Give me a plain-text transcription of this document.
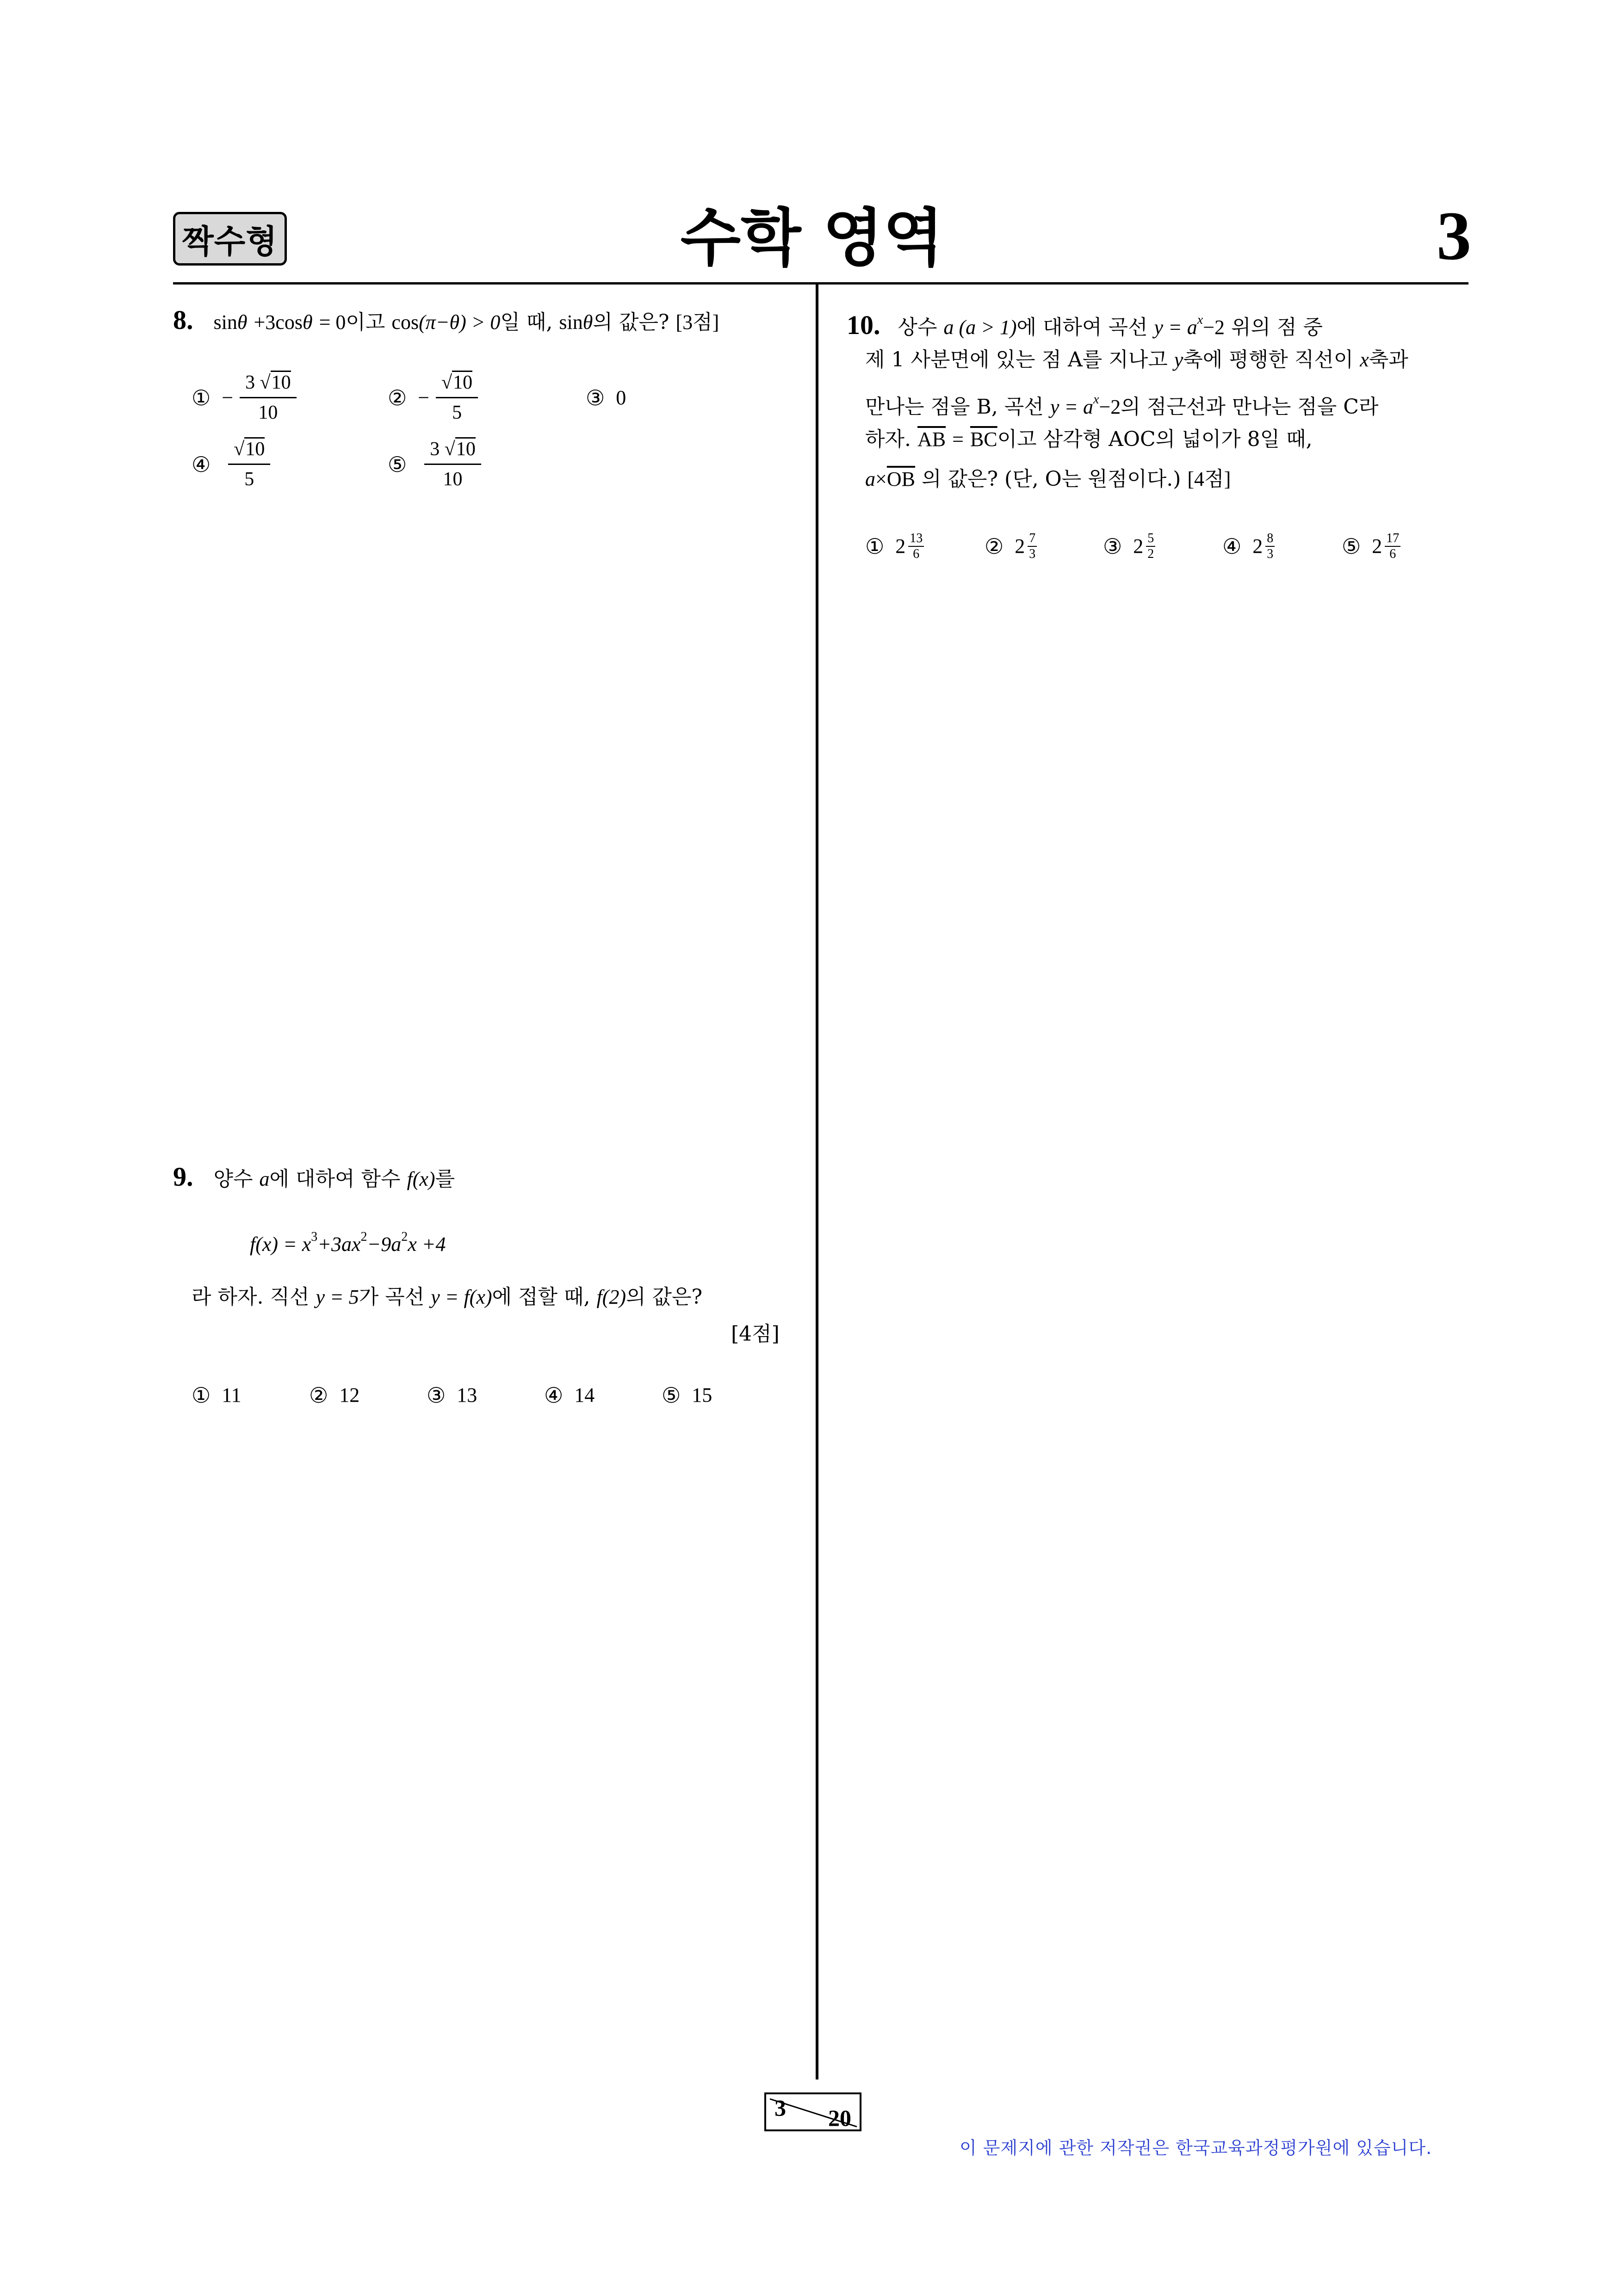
짝수형	수학 영역	3
8. sinθ +3cosθ = 0이고 cos(π−θ) > 0일 때, sinθ의 값은? [3점]
① − $\frac{3 √10}{10}$	② − $\frac{√10}{5}$	③ 0
④ $\frac{√10}{5}$	⑤ $\frac{3 √10}{10}$
9. 양수 a에 대하여 함수 f(x)를
$f(x) = x^3+3ax^2-9a^2x +4$
라 하자. 직선 y = 5가 곡선 y = f(x)에 접할 때, f(2)의 값은?
[4점]
① 11	② 12	③ 13	④ 14	⑤ 15
10. 상수 a (a > 1)에 대하여 곡선 $y = a^x-2$ 위의 점 중
제 1 사분면에 있는 점 A를 지나고 y축에 평행한 직선이 x축과
만나는 점을 B, 곡선 $y = a^x-2$의 점근선과 만나는 점을 C라
하자. $\overline{AB} = \overline{BC}$이고 삼각형 AOC의 넓이가 8일 때,
$a\times\overline{OB}$ 의 값은? (단, O는 원점이다.) [4점]
① 2 13
6	② 2 7
3	③ 2 5
2	④ 2 8
3	⑤ 2 17
6
3 20
이 문제지에 관한 저작권은 한국교육과정평가원에 있습니다.
